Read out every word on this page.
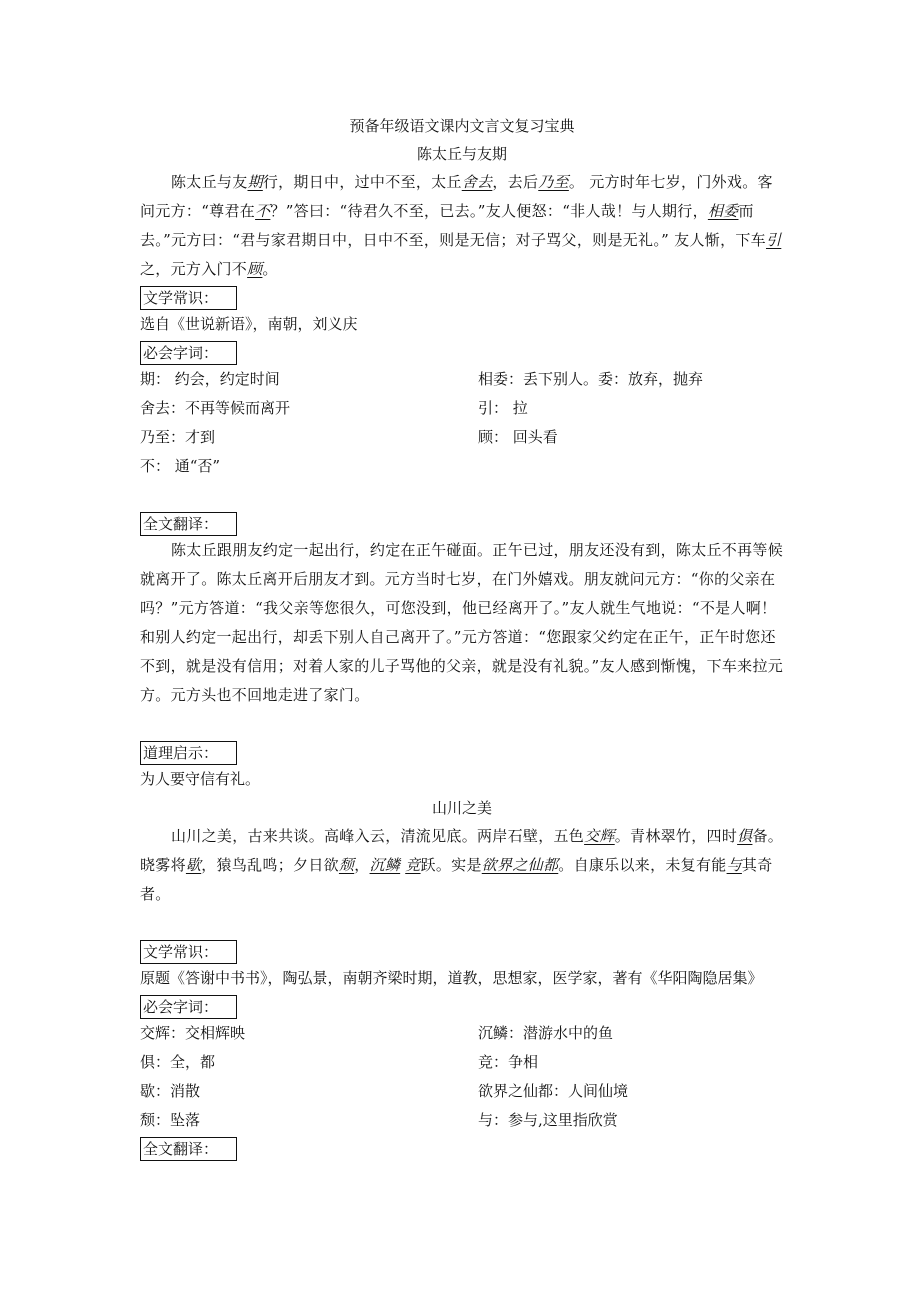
预备年级语文课内文言文复习宝典
陈太丘与友期

陈太丘与友期行，期日中，过中不至，太丘舍去，去后乃至。 元方时年七岁，门外戏。客问元方：“尊君在不？”答曰：“待君久不至，已去。”友人便怒：“非人哉！与人期行，相委而去。”元方曰：“君与家君期日中，日中不至，则是无信；对子骂父，则是无礼。” 友人惭，下车引之，元方入门不顾。

文学常识：

选自《世说新语》，南朝，刘义庆

必会字词：
期： 约会，约定时间	相委：丢下别人。委：放弃，抛弃
舍去：不再等候而离开	引： 拉
乃至：才到	顾： 回头看
不： 通“否”
全文翻译：

陈太丘跟朋友约定一起出行，约定在正午碰面。正午已过，朋友还没有到，陈太丘不再等候就离开了。陈太丘离开后朋友才到。元方当时七岁，在门外嬉戏。朋友就问元方：“你的父亲在吗？”元方答道：“我父亲等您很久，可您没到，他已经离开了。”友人就生气地说：“不是人啊！和别人约定一起出行，却丢下别人自己离开了。”元方答道：“您跟家父约定在正午，正午时您还不到，就是没有信用；对着人家的儿子骂他的父亲，就是没有礼貌。”友人感到惭愧，下车来拉元方。元方头也不回地走进了家门。

道理启示：

为人要守信有礼。

山川之美

山川之美，古来共谈。高峰入云，清流见底。两岸石壁，五色交辉。青林翠竹，四时俱备。晓雾将歇，猿鸟乱鸣；夕日欲颓，沉鳞 竞跃。实是欲界之仙都。自康乐以来，未复有能与其奇者。

文学常识：

原题《答谢中书书》，陶弘景，南朝齐梁时期，道教，思想家，医学家，著有《华阳陶隐居集》

必会字词：
交辉：交相辉映	沉鳞：潜游水中的鱼
俱：全，都	竞：争相
歇：消散	欲界之仙都：人间仙境
颓：坠落	与：参与,这里指欣赏
全文翻译：
